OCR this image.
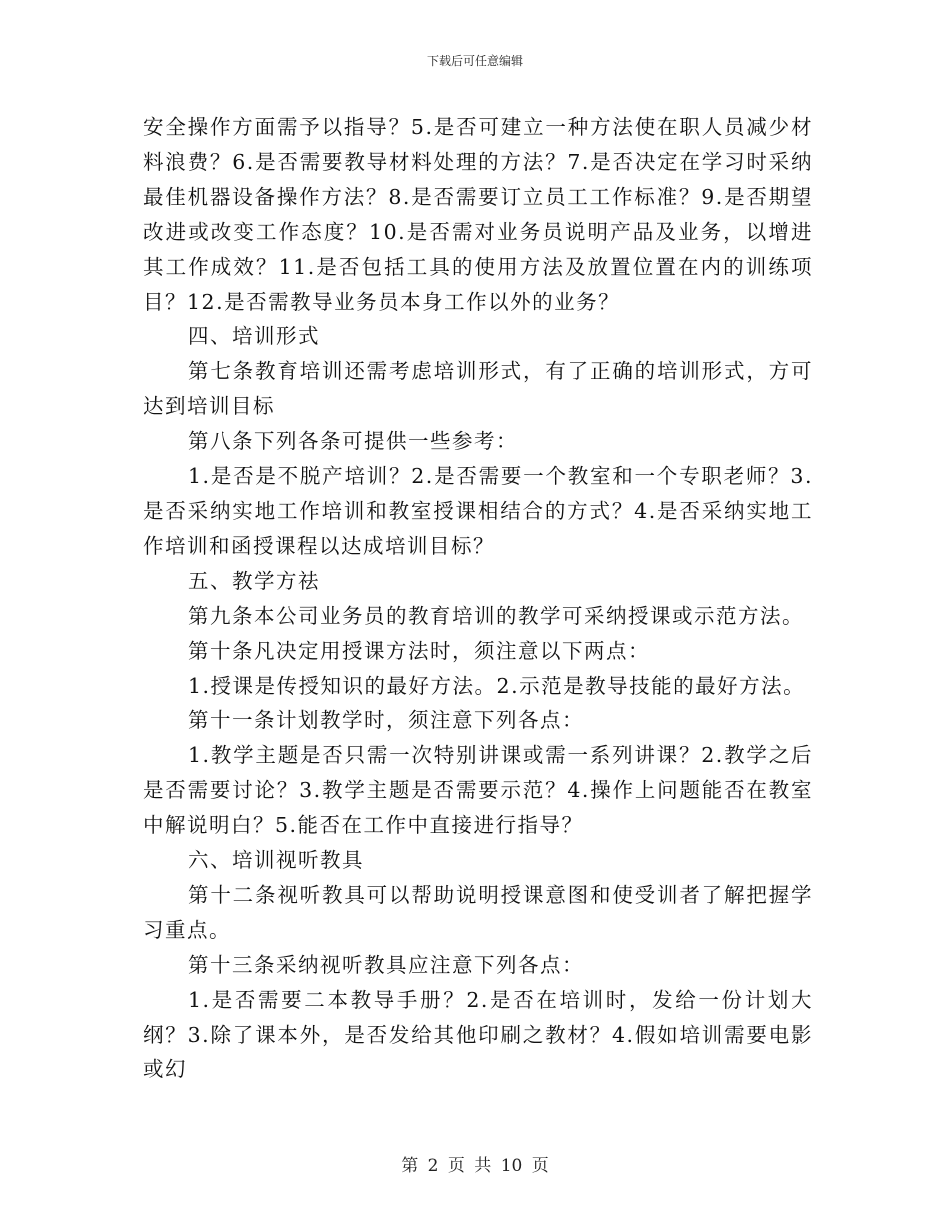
下载后可任意编辑

安全操作方面需予以指导？5.是否可建立一种方法使在职人员减少材料浪费？6.是否需要教导材料处理的方法？7.是否决定在学习时采纳最佳机器设备操作方法？8.是否需要订立员工工作标准？9.是否期望改进或改变工作态度？10.是否需对业务员说明产品及业务，以增进其工作成效？11.是否包括工具的使用方法及放置位置在内的训练项目？12.是否需教导业务员本身工作以外的业务？

四、培训形式

第七条教育培训还需考虑培训形式，有了正确的培训形式，方可达到培训目标

第八条下列各条可提供一些参考：

1.是否是不脱产培训？2.是否需要一个教室和一个专职老师？3.是否采纳实地工作培训和教室授课相结合的方式？4.是否采纳实地工作培训和函授课程以达成培训目标？

五、教学方祛

第九条本公司业务员的教育培训的教学可采纳授课或示范方法。

第十条凡决定用授课方法时，须注意以下两点：

1.授课是传授知识的最好方法。2.示范是教导技能的最好方法。

第十一条计划教学时，须注意下列各点：

1.教学主题是否只需一次特别讲课或需一系列讲课？2.教学之后是否需要讨论？3.教学主题是否需要示范？4.操作上问题能否在教室中解说明白？5.能否在工作中直接进行指导？

六、培训视听教具

第十二条视听教具可以帮助说明授课意图和使受训者了解把握学习重点。

第十三条采纳视听教具应注意下列各点：

1.是否需要二本教导手册？2.是否在培训时，发给一份计划大纲？3.除了课本外，是否发给其他印刷之教材？4.假如培训需要电影或幻

第 2 页 共 10 页
